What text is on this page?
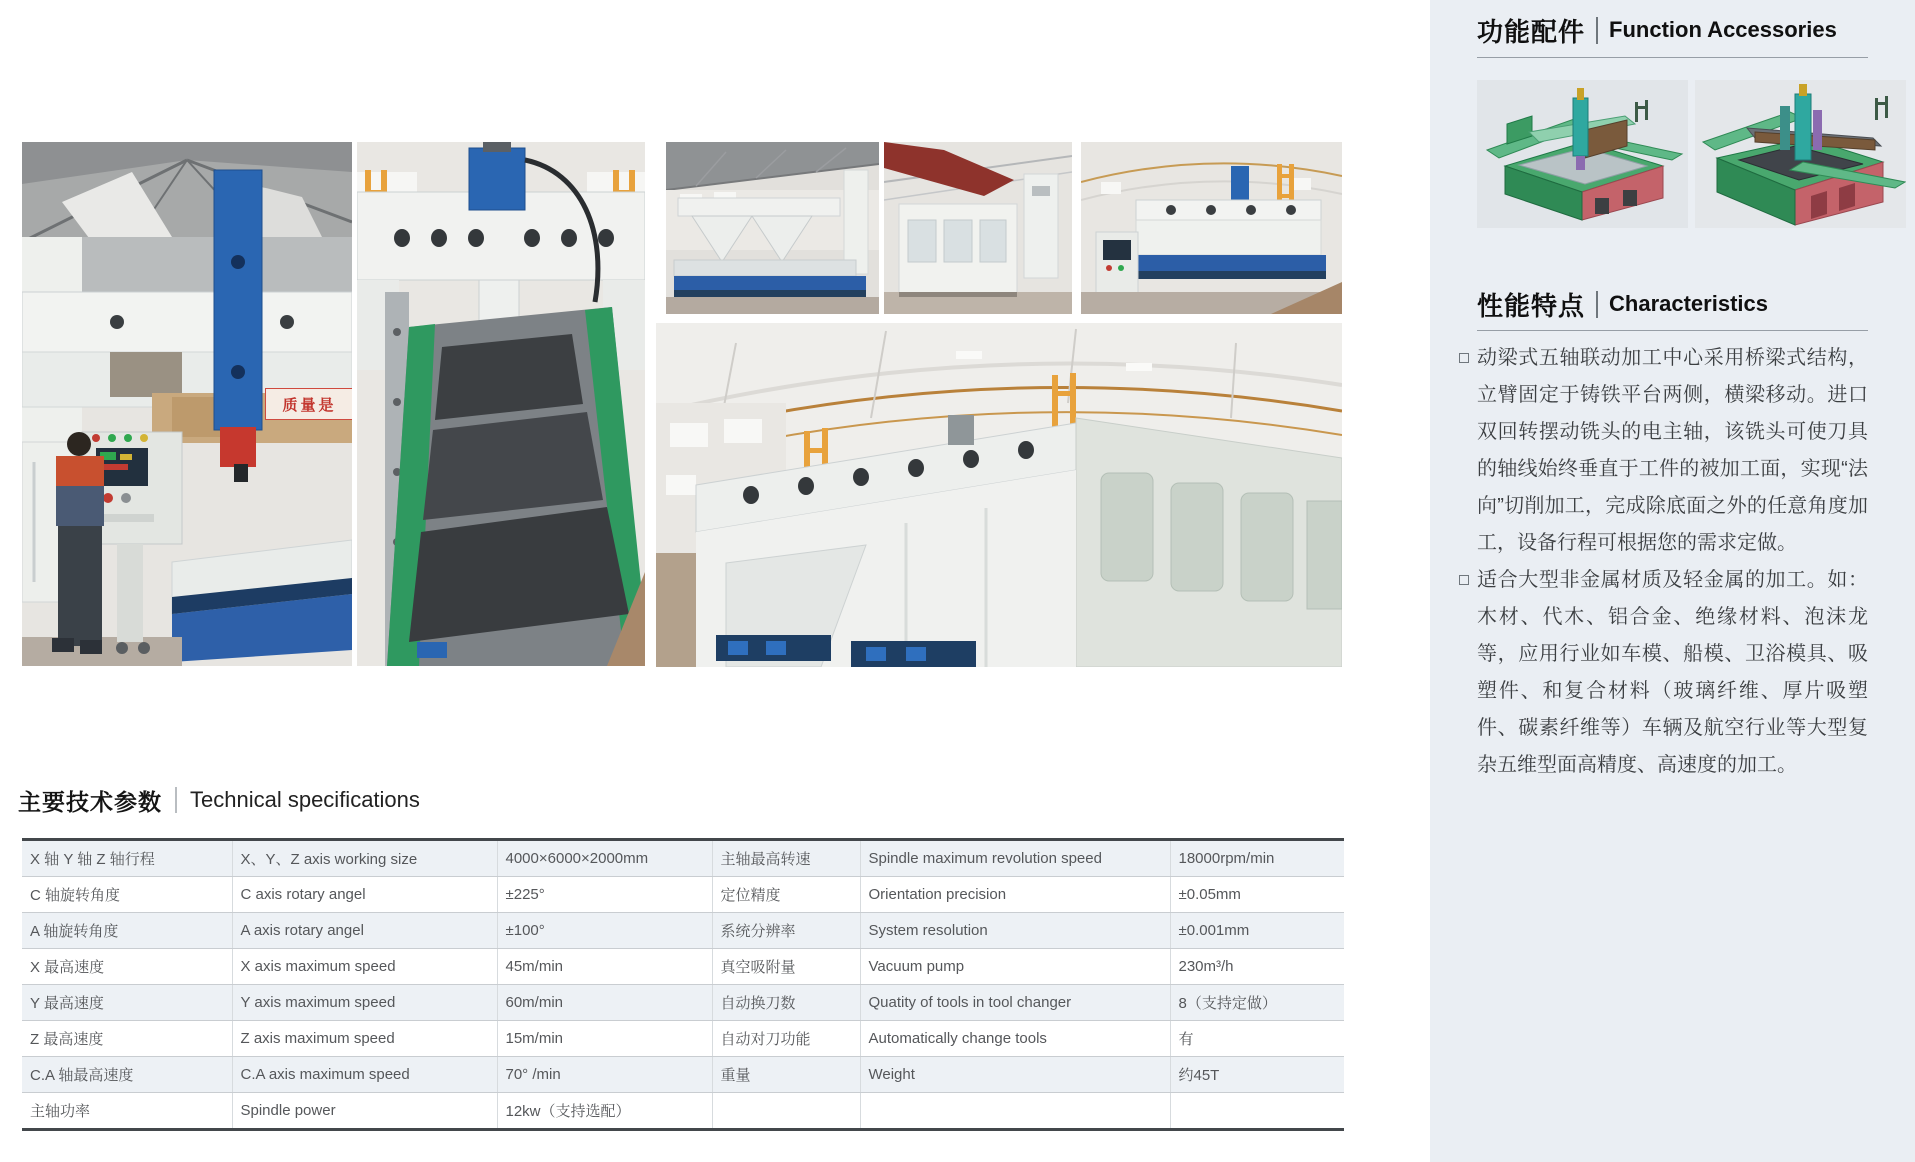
质量是
主要技术参数 Technical specifications
X 轴 Y 轴 Z 轴行程	X、Y、Z axis working size	4000×6000×2000mm	主轴最高转速	Spindle maximum revolution speed	18000rpm/min
C 轴旋转角度	C axis rotary angel	±225°	定位精度	Orientation precision	±0.05mm
A 轴旋转角度	A axis rotary angel	±100°	系统分辨率	System resolution	±0.001mm
X 最高速度	X axis maximum speed	45m/min	真空吸附量	Vacuum pump	230m³/h
Y 最高速度	Y axis maximum speed	60m/min	自动换刀数	Quatity of tools in tool changer	8（支持定做）
Z 最高速度	Z axis maximum speed	15m/min	自动对刀功能	Automatically change tools	有
C.A 轴最高速度	C.A axis maximum speed	70° /min	重量	Weight	约45T
主轴功率	Spindle power	12kw（支持选配）			
功能配件 Function Accessories
性能特点 Characteristics
动梁式五轴联动加工中心采用桥梁式结构，立臂固定于铸铁平台两侧，横梁移动。进口双回转摆动铣头的电主轴，该铣头可使刀具的轴线始终垂直于工件的被加工面，实现“法向”切削加工，完成除底面之外的任意角度加工，设备行程可根据您的需求定做。
适合大型非金属材质及轻金属的加工。如：木材、代木、铝合金、绝缘材料、泡沫龙等，应用行业如车模、船模、卫浴模具、吸塑件、和复合材料（玻璃纤维、厚片吸塑件、碳素纤维等）车辆及航空行业等大型复杂五维型面高精度、高速度的加工。
